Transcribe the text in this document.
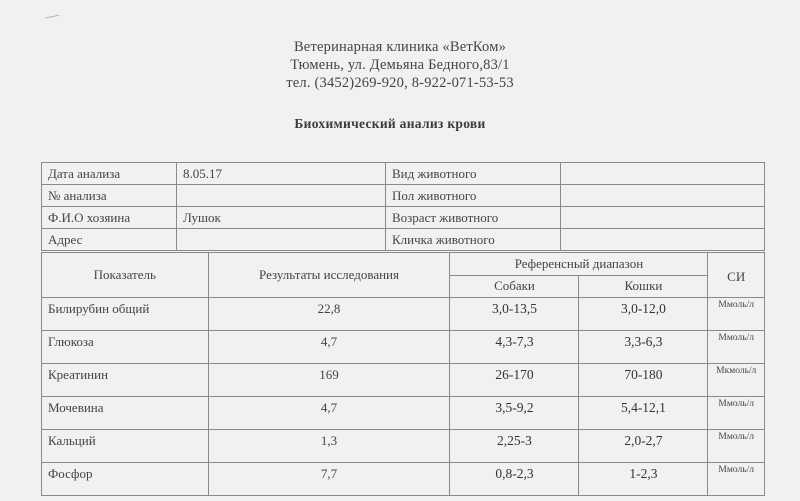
Ветеринарная клиника «ВетКом»
Тюмень, ул. Демьяна Бедного,83/1
тел. (3452)269-920, 8-922-071-53-53
Биохимический анализ крови
Дата анализа	8.05.17	Вид животного	
№ анализа		Пол животного	
Ф.И.О хозяина	Лушок	Возраст животного	
Адрес		Кличка животного	
Показатель	Результаты исследования	Референсный диапазон		СИ
		Собаки	Кошки	
Билирубин общий	22,8	3,0-13,5	3,0-12,0	Ммоль/л
Глюкоза	4,7	4,3-7,3	3,3-6,3	Ммоль/л
Креатинин	169	26-170	70-180	Мкмоль/л
Мочевина	4,7	3,5-9,2	5,4-12,1	Ммоль/л
Кальций	1,3	2,25-3	2,0-2,7	Ммоль/л
Фосфор	7,7	0,8-2,3	1-2,3	Ммоль/л
